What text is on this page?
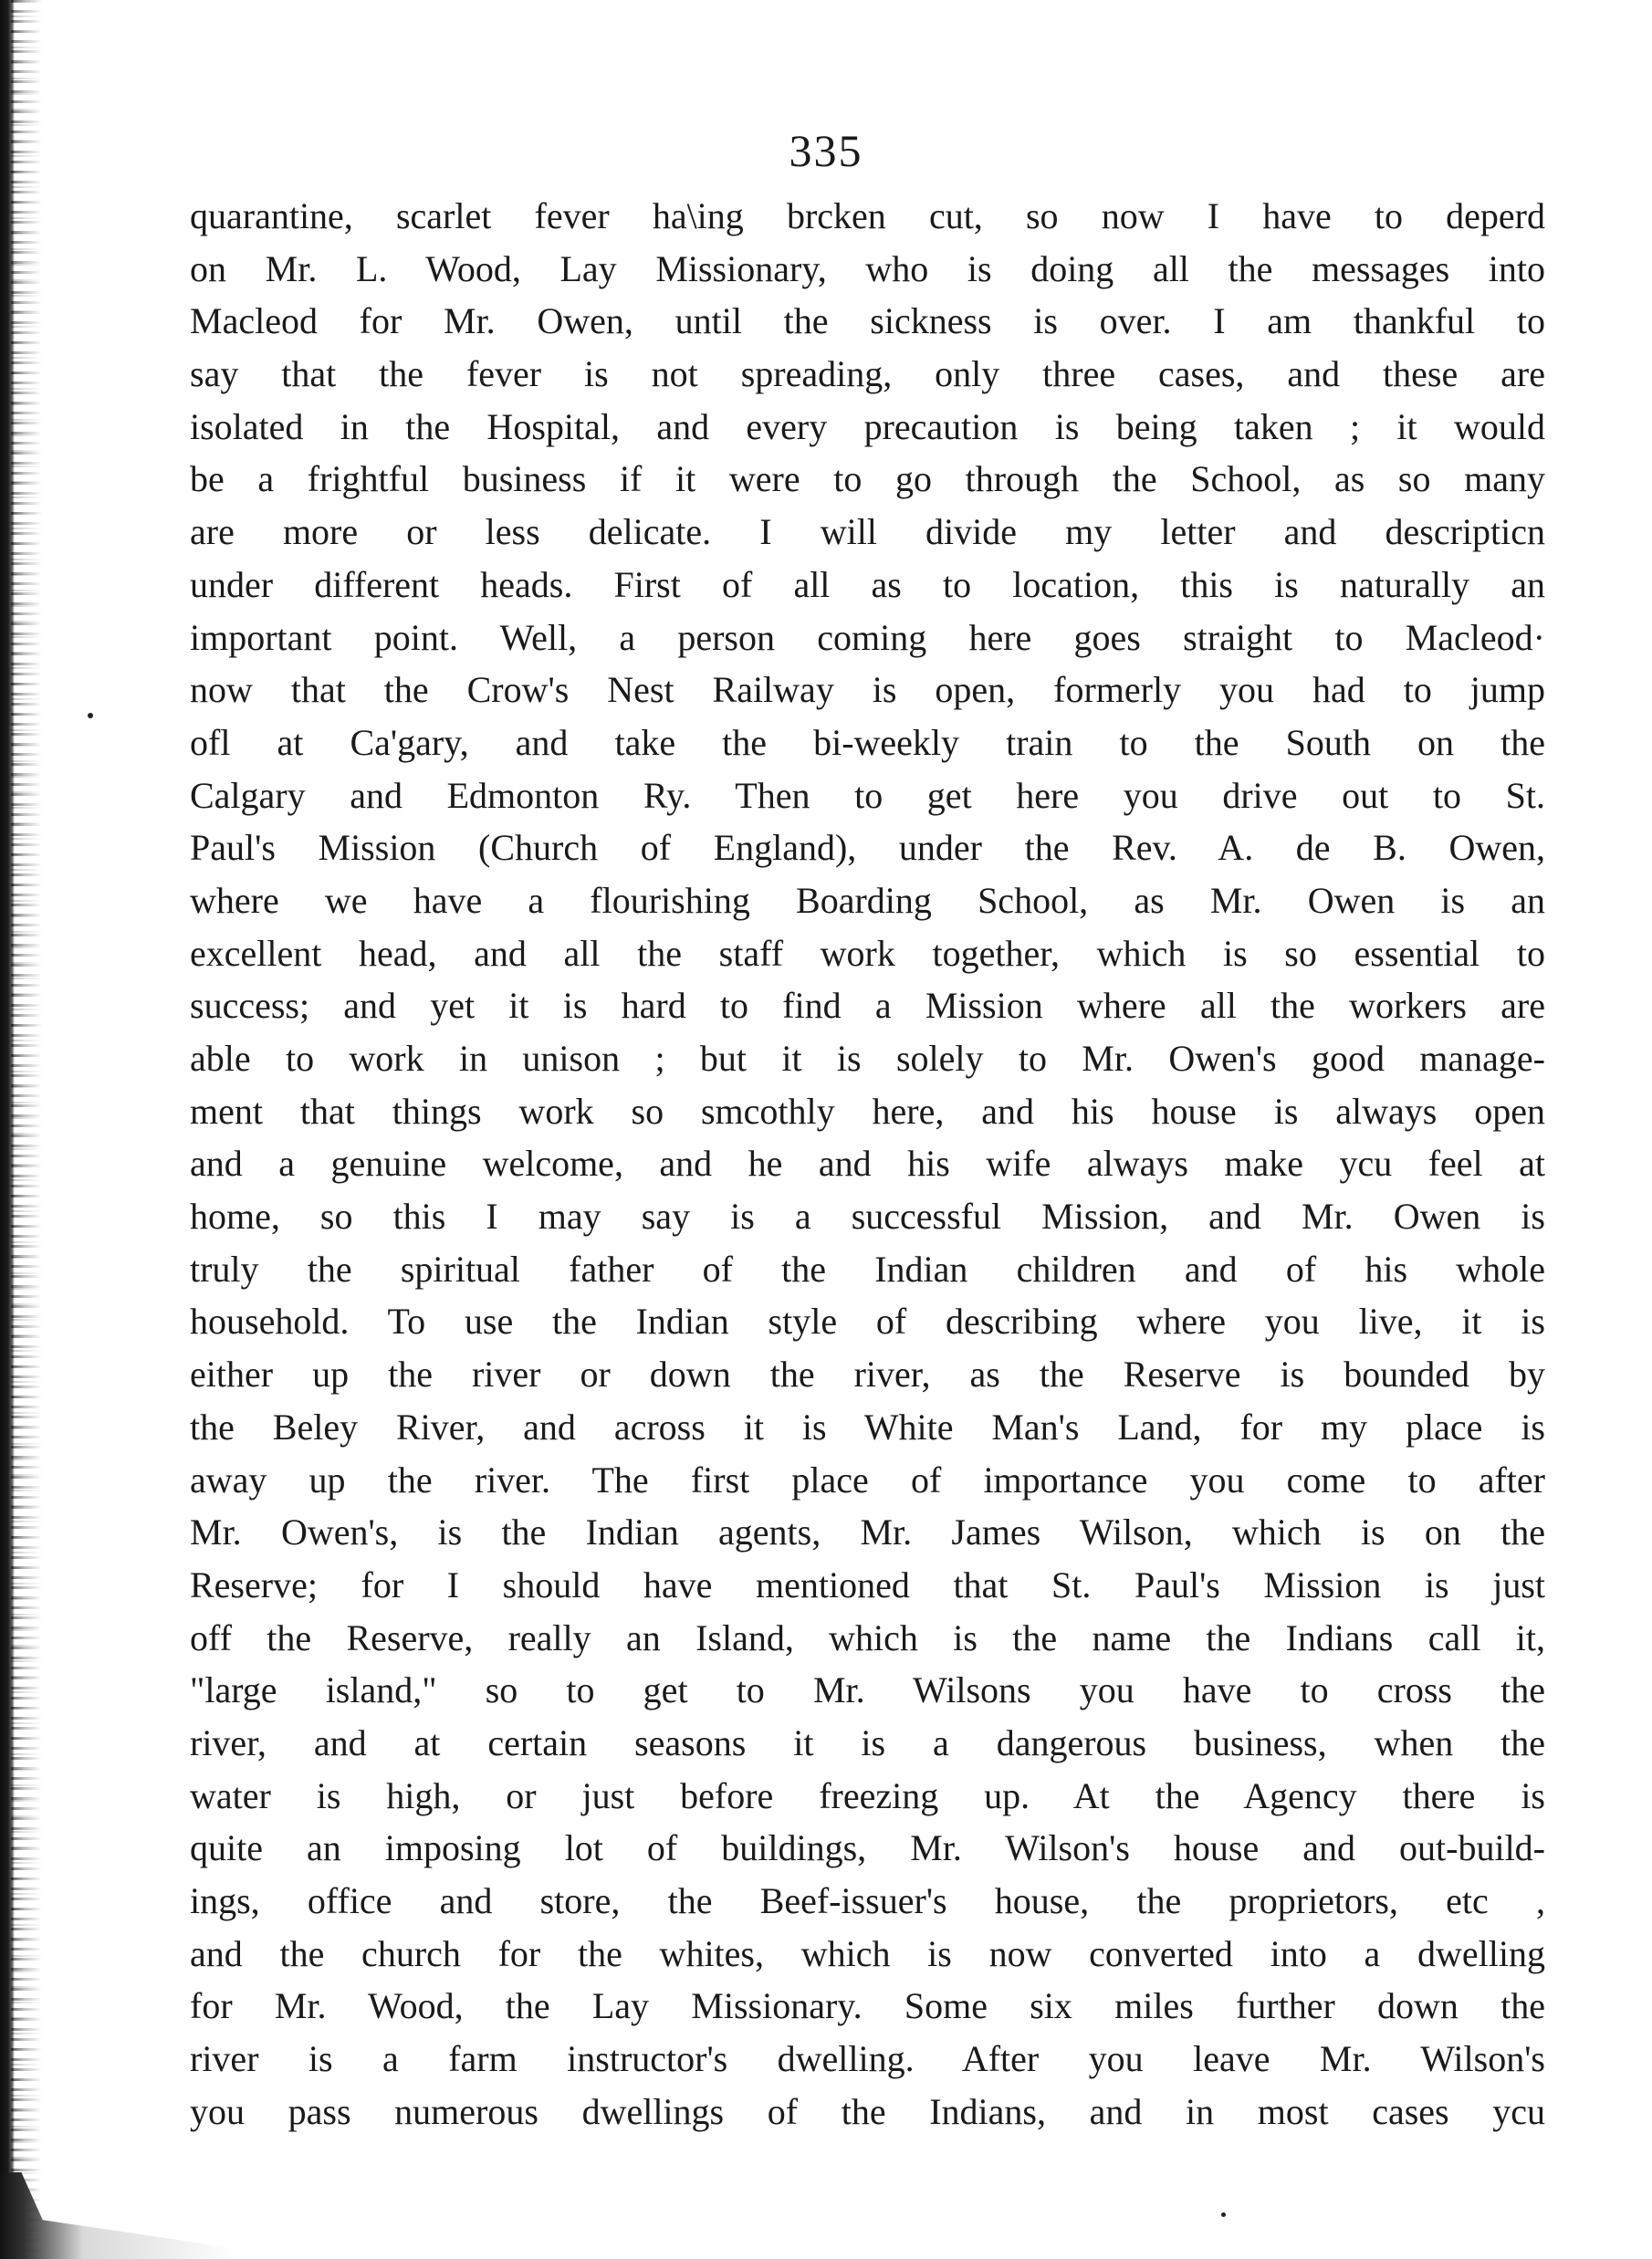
335
quarantine, scarlet fever ha\ing brcken cut, so now I have to deperd
on Mr. L. Wood, Lay Missionary, who is doing all the messages into
Macleod for Mr. Owen, until the sickness is over. I am thankful to
say that the fever is not spreading, only three cases, and these are
isolated in the Hospital, and every precaution is being taken ; it would
be a frightful business if it were to go through the School, as so many
are more or less delicate. I will divide my letter and descripticn
under different heads. First of all as to location, this is naturally an
important point. Well, a person coming here goes straight to Macleod·
now that the Crow's Nest Railway is open, formerly you had to jump
ofl at Ca'gary, and take the bi-weekly train to the South on the
Calgary and Edmonton Ry. Then to get here you drive out to St.
Paul's Mission (Church of England), under the Rev. A. de B. Owen,
where we have a flourishing Boarding School, as Mr. Owen is an
excellent head, and all the staff work together, which is so essential to
success; and yet it is hard to find a Mission where all the workers are
able to work in unison ; but it is solely to Mr. Owen's good manage-
ment that things work so smcothly here, and his house is always open
and a genuine welcome, and he and his wife always make ycu feel at
home, so this I may say is a successful Mission, and Mr. Owen is
truly the spiritual father of the Indian children and of his whole
household. To use the Indian style of describing where you live, it is
either up the river or down the river, as the Reserve is bounded by
the Beley River, and across it is White Man's Land, for my place is
away up the river. The first place of importance you come to after
Mr. Owen's, is the Indian agents, Mr. James Wilson, which is on the
Reserve; for I should have mentioned that St. Paul's Mission is just
off the Reserve, really an Island, which is the name the Indians call it,
"large island," so to get to Mr. Wilsons you have to cross the
river, and at certain seasons it is a dangerous business, when the
water is high, or just before freezing up. At the Agency there is
quite an imposing lot of buildings, Mr. Wilson's house and out-build-
ings, office and store, the Beef-issuer's house, the proprietors, etc ,
and the church for the whites, which is now converted into a dwelling
for Mr. Wood, the Lay Missionary. Some six miles further down the
river is a farm instructor's dwelling. After you leave Mr. Wilson's
you pass numerous dwellings of the Indians, and in most cases ycu
